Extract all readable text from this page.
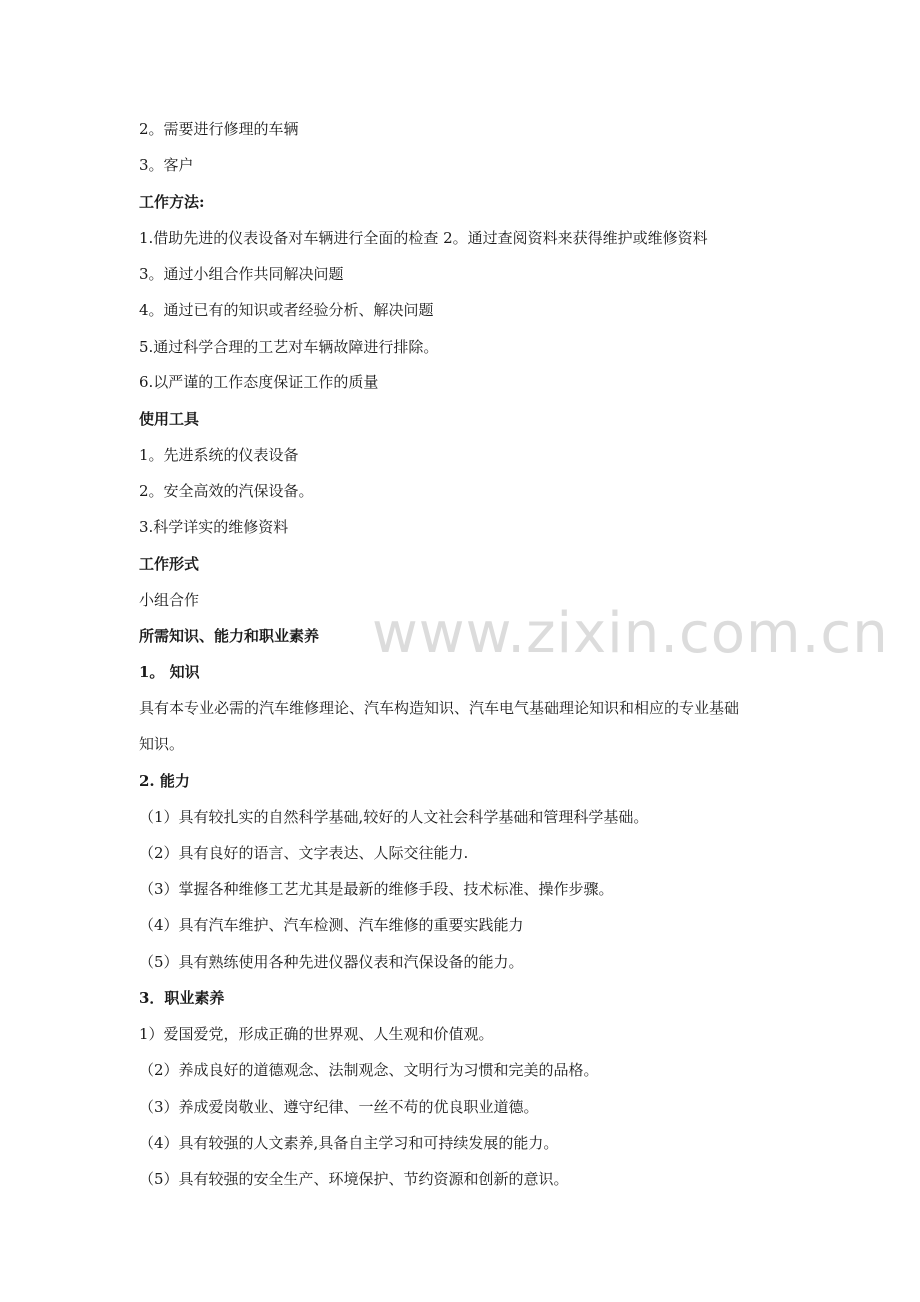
www.zixin.com.cn
2。需要进行修理的车辆
3。客户
工作方法:
1.借助先进的仪表设备对车辆进行全面的检查 2。通过查阅资料来获得维护或维修资料
3。通过小组合作共同解决问题
4。通过已有的知识或者经验分析、解决问题
5.通过科学合理的工艺对车辆故障进行排除。
6.以严谨的工作态度保证工作的质量
使用工具
1。先进系统的仪表设备
2。安全高效的汽保设备。
3.科学详实的维修资料
工作形式
小组合作
所需知识、能力和职业素养
1。 知识
具有本专业必需的汽车维修理论、汽车构造知识、汽车电气基础理论知识和相应的专业基础
知识。
2. 能力
（1）具有较扎实的自然科学基础,较好的人文社会科学基础和管理科学基础。
（2）具有良好的语言、文字表达、人际交往能力.
（3）掌握各种维修工艺尤其是最新的维修手段、技术标准、操作步骤。
（4）具有汽车维护、汽车检测、汽车维修的重要实践能力
（5）具有熟练使用各种先进仪器仪表和汽保设备的能力。
3．职业素养
1）爱国爱党，形成正确的世界观、人生观和价值观。
（2）养成良好的道德观念、法制观念、文明行为习惯和完美的品格。
（3）养成爱岗敬业、遵守纪律、一丝不苟的优良职业道德。
（4）具有较强的人文素养,具备自主学习和可持续发展的能力。
（5）具有较强的安全生产、环境保护、节约资源和创新的意识。
